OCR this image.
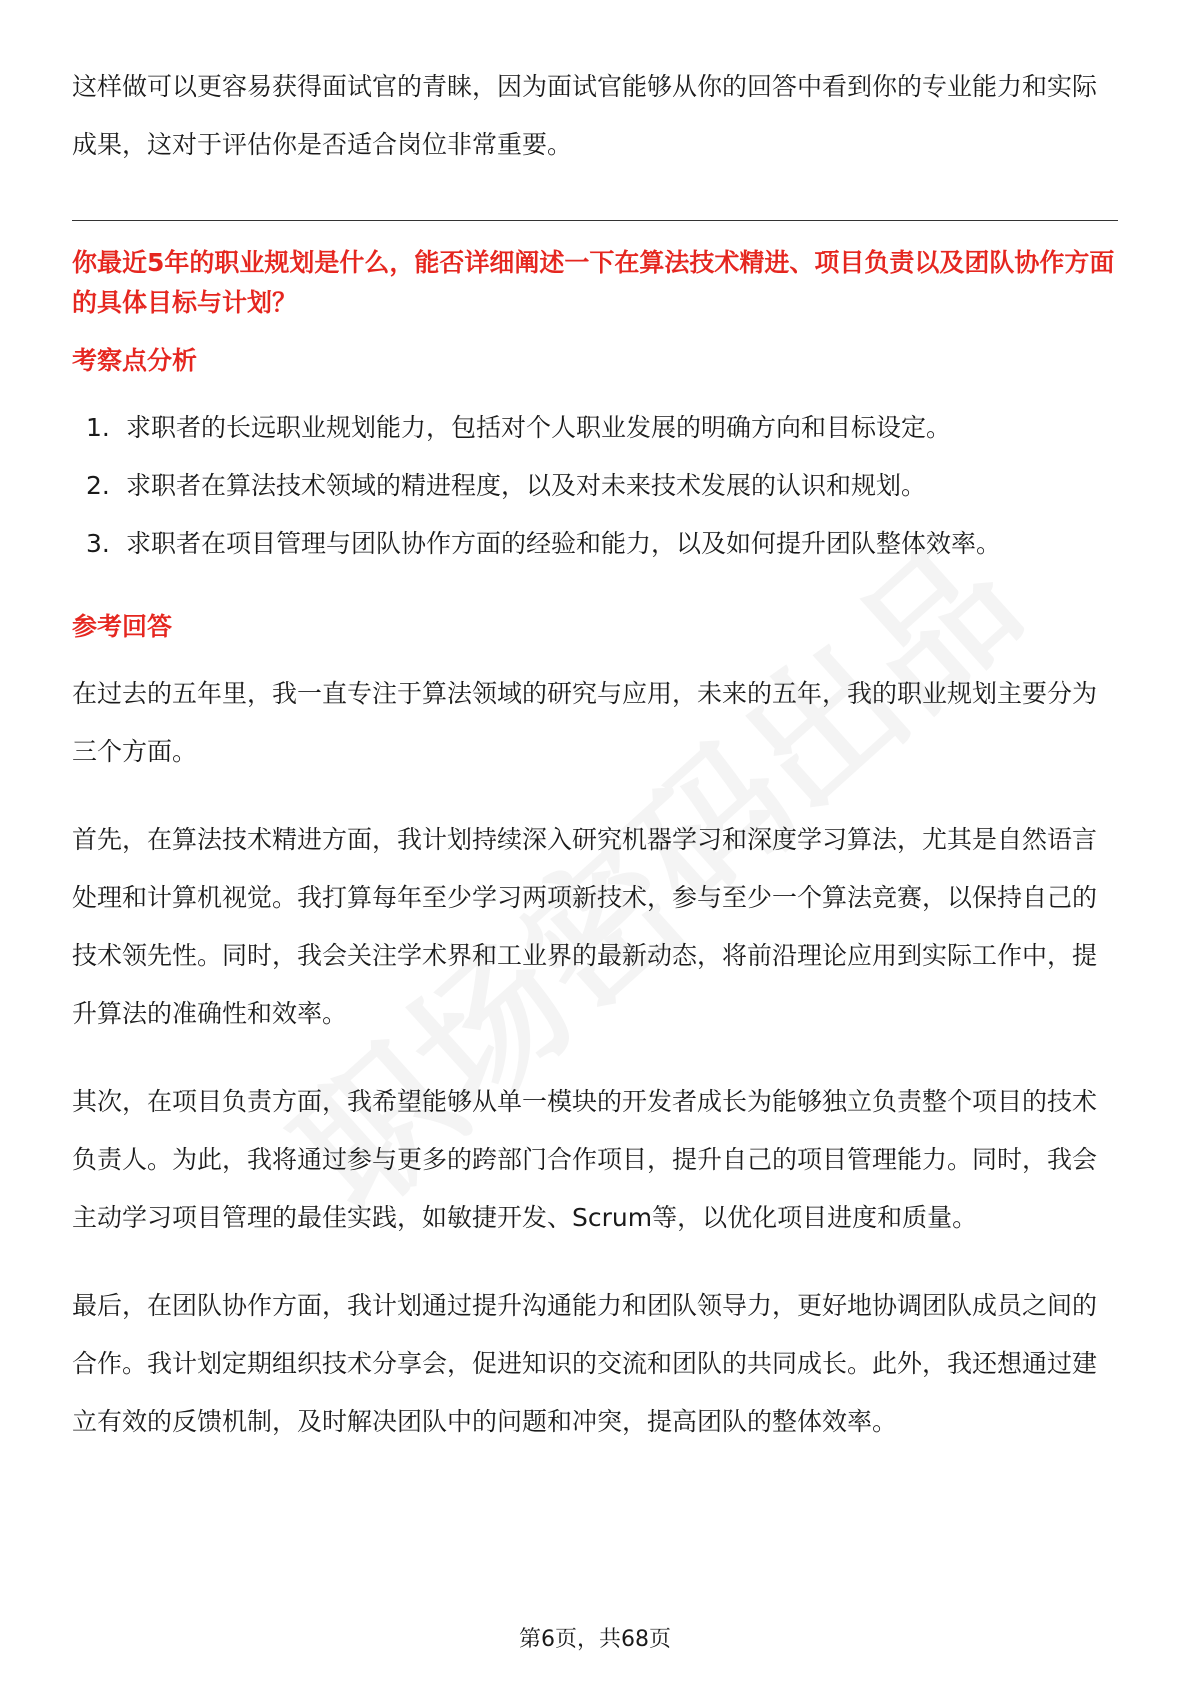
这样做可以更容易获得面试官的青睐，因为面试官能够从你的回答中看到你的专业能力和实际成果，这对于评估你是否适合岗位非常重要。

你最近5年的职业规划是什么，能否详细阐述一下在算法技术精进、项目负责以及团队协作方面的具体目标与计划？

考察点分析
1. 求职者的长远职业规划能力，包括对个人职业发展的明确方向和目标设定。
2. 求职者在算法技术领域的精进程度，以及对未来技术发展的认识和规划。
3. 求职者在项目管理与团队协作方面的经验和能力，以及如何提升团队整体效率。
参考回答

在过去的五年里，我一直专注于算法领域的研究与应用，未来的五年，我的职业规划主要分为三个方面。

首先，在算法技术精进方面，我计划持续深入研究机器学习和深度学习算法，尤其是自然语言处理和计算机视觉。我打算每年至少学习两项新技术，参与至少一个算法竞赛，以保持自己的技术领先性。同时，我会关注学术界和工业界的最新动态，将前沿理论应用到实际工作中，提升算法的准确性和效率。

其次，在项目负责方面，我希望能够从单一模块的开发者成长为能够独立负责整个项目的技术负责人。为此，我将通过参与更多的跨部门合作项目，提升自己的项目管理能力。同时，我会主动学习项目管理的最佳实践，如敏捷开发、Scrum等，以优化项目进度和质量。

最后，在团队协作方面，我计划通过提升沟通能力和团队领导力，更好地协调团队成员之间的合作。我计划定期组织技术分享会，促进知识的交流和团队的共同成长。此外，我还想通过建立有效的反馈机制，及时解决团队中的问题和冲突，提高团队的整体效率。

第6页，共68页
